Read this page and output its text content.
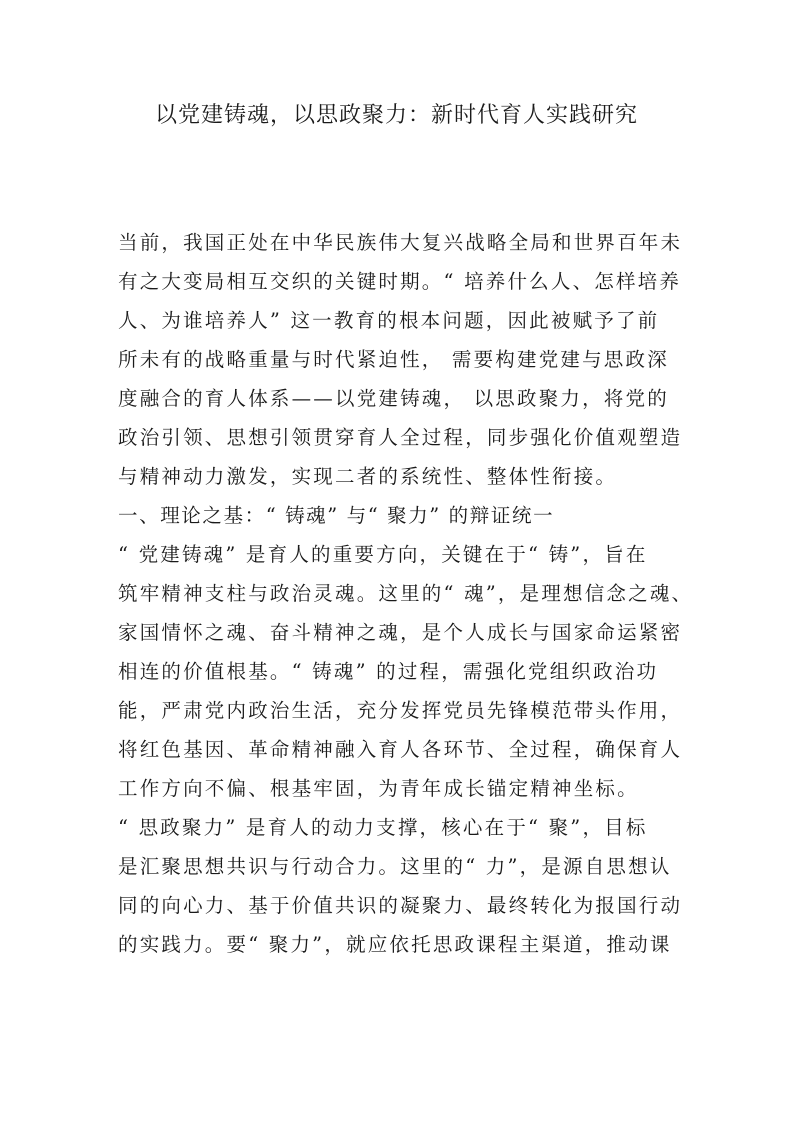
以党建铸魂，以思政聚力：新时代育人实践研究

当前，我国正处在中华民族伟大复兴战略全局和世界百年未

有之大变局相互交织的关键时期。“ 培养什么人、怎样培养

人、为谁培养人” 这一教育的根本问题，因此被赋予了前

所未有的战略重量与时代紧迫性， 需要构建党建与思政深

度融合的育人体系——以党建铸魂， 以思政聚力，将党的

政治引领、思想引领贯穿育人全过程，同步强化价值观塑造

与精神动力激发，实现二者的系统性、整体性衔接。

一、理论之基：“ 铸魂” 与“ 聚力” 的辩证统一

“ 党建铸魂” 是育人的重要方向，关键在于“ 铸”，旨在

筑牢精神支柱与政治灵魂。这里的“ 魂”，是理想信念之魂、

家国情怀之魂、奋斗精神之魂，是个人成长与国家命运紧密

相连的价值根基。“ 铸魂” 的过程，需强化党组织政治功

能，严肃党内政治生活，充分发挥党员先锋模范带头作用，

将红色基因、革命精神融入育人各环节、全过程，确保育人

工作方向不偏、根基牢固，为青年成长锚定精神坐标。

“ 思政聚力” 是育人的动力支撑，核心在于“ 聚”，目标

是汇聚思想共识与行动合力。这里的“ 力”，是源自思想认

同的向心力、基于价值共识的凝聚力、最终转化为报国行动

的实践力。要“ 聚力”，就应依托思政课程主渠道，推动课
